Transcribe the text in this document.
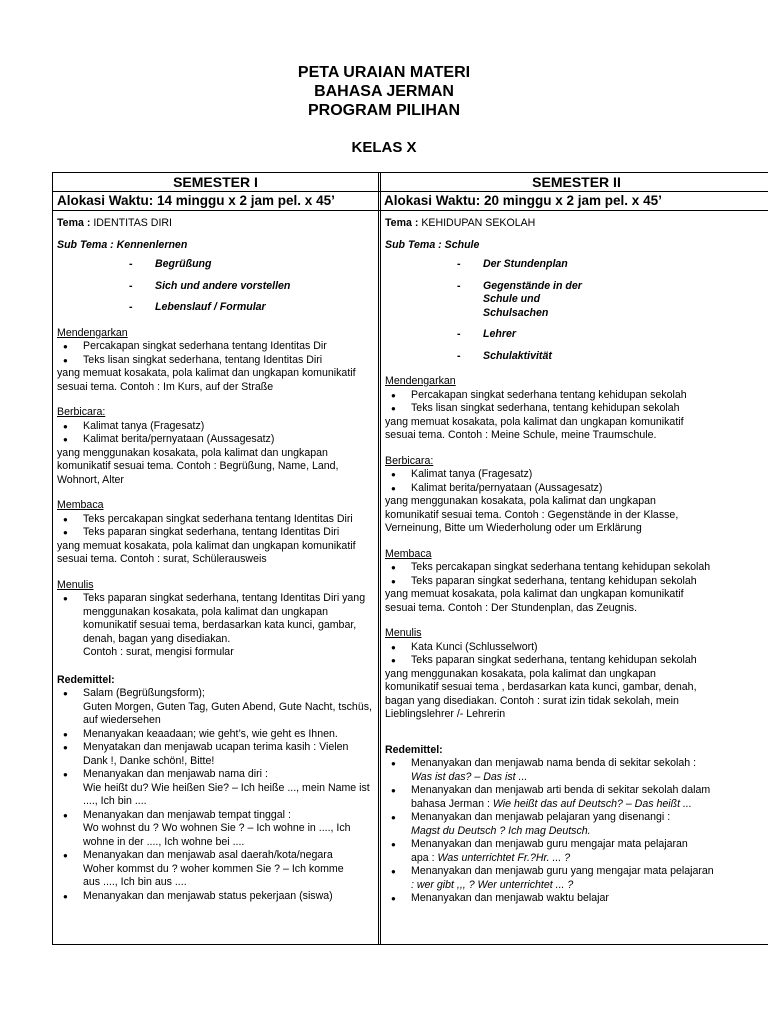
PETA URAIAN MATERI
BAHASA JERMAN
PROGRAM PILIHAN
KELAS X
SEMESTER I	SEMESTER II
Alokasi Waktu: 14 minggu x 2 jam pel. x 45’	Alokasi Waktu: 20 minggu x 2 jam pel. x 45’

Tema : IDENTITAS DIRI

Sub Tema : Kennenlernen

- Begrüßung
- Sich und andere vorstellen
- Lebenslauf / Formular

Mendengarkan

● Percakapan singkat sederhana tentang Identitas Dir

● Teks lisan singkat sederhana, tentang Identitas Diri

yang memuat kosakata, pola kalimat dan ungkapan komunikatif

sesuai tema. Contoh : Im Kurs, auf der Straße

Berbicara:

● Kalimat tanya (Fragesatz)

● Kalimat berita/pernyataan (Aussagesatz)

yang menggunakan kosakata, pola kalimat dan ungkapan

komunikatif sesuai tema. Contoh : Begrüßung, Name, Land,

Wohnort, Alter

Membaca

● Teks percakapan singkat sederhana tentang Identitas Diri

● Teks paparan singkat sederhana, tentang Identitas Diri

yang memuat kosakata, pola kalimat dan ungkapan komunikatif

sesuai tema. Contoh : surat, Schülerausweis

Menulis

● Teks paparan singkat sederhana, tentang Identitas Diri yang

menggunakan kosakata, pola kalimat dan ungkapan

komunikatif sesuai tema, berdasarkan kata kunci, gambar,

denah, bagan yang disediakan.

Contoh : surat, mengisi formular

Redemittel:

● Salam (Begrüßungsform);

Guten Morgen, Guten Tag, Guten Abend, Gute Nacht, tschüs,

auf wiedersehen

● Menanyakan keaadaan; wie geht’s, wie geht es Ihnen.

● Menyatakan dan menjawab ucapan terima kasih : Vielen

Dank !, Danke schön!, Bitte!

● Menanyakan dan menjawab nama diri :

Wie heißt du? Wie heißen Sie? – Ich heiße ..., mein Name ist

...., Ich bin ....

● Menanyakan dan menjawab tempat tinggal :

Wo wohnst du ? Wo wohnen Sie ? – Ich wohne in ...., Ich

wohne in der ...., Ich wohne bei ....

● Menanyakan dan menjawab asal daerah/kota/negara

Woher kommst du ? woher kommen Sie ? – Ich komme

aus ...., Ich bin aus ....

● Menanyakan dan menjawab status pekerjaan (siswa)

Tema : KEHIDUPAN SEKOLAH

Sub Tema : Schule

- Der Stundenplan
- Gegenstände in der Schule und Schulsachen
- Lehrer
- Schulaktivität

Mendengarkan

● Percakapan singkat sederhana tentang kehidupan sekolah

● Teks lisan singkat sederhana, tentang kehidupan sekolah

yang memuat kosakata, pola kalimat dan ungkapan komunikatif

sesuai tema. Contoh : Meine Schule, meine Traumschule.

Berbicara:

● Kalimat tanya (Fragesatz)

● Kalimat berita/pernyataan (Aussagesatz)

yang menggunakan kosakata, pola kalimat dan ungkapan

komunikatif sesuai tema. Contoh : Gegenstände in der Klasse,

Verneinung, Bitte um Wiederholung oder um Erklärung

Membaca

● Teks percakapan singkat sederhana tentang kehidupan sekolah

● Teks paparan singkat sederhana, tentang kehidupan sekolah

yang memuat kosakata, pola kalimat dan ungkapan komunikatif

sesuai tema. Contoh : Der Stundenplan, das Zeugnis.

Menulis

● Kata Kunci (Schlusselwort)

● Teks paparan singkat sederhana, tentang kehidupan sekolah

yang menggunakan kosakata, pola kalimat dan ungkapan

komunikatif sesuai tema , berdasarkan kata kunci, gambar, denah,

bagan yang disediakan. Contoh : surat izin tidak sekolah, mein

Lieblingslehrer /- Lehrerin

Redemittel:

● Menanyakan dan menjawab nama benda di sekitar sekolah :

Was ist das? – Das ist ...

● Menanyakan dan menjawab arti benda di sekitar sekolah dalam

bahasa Jerman : Wie heißt das auf Deutsch? – Das heißt ...

● Menanyakan dan menjawab pelajaran yang disenangi :

Magst du Deutsch ? Ich mag Deutsch.

● Menanyakan dan menjawab guru mengajar mata pelajaran

apa : Was unterrichtet Fr.?Hr. ... ?

● Menanyakan dan menjawab guru yang mengajar mata pelajaran

: wer gibt ,,, ? Wer unterrichtet ... ?

● Menanyakan dan menjawab waktu belajar
